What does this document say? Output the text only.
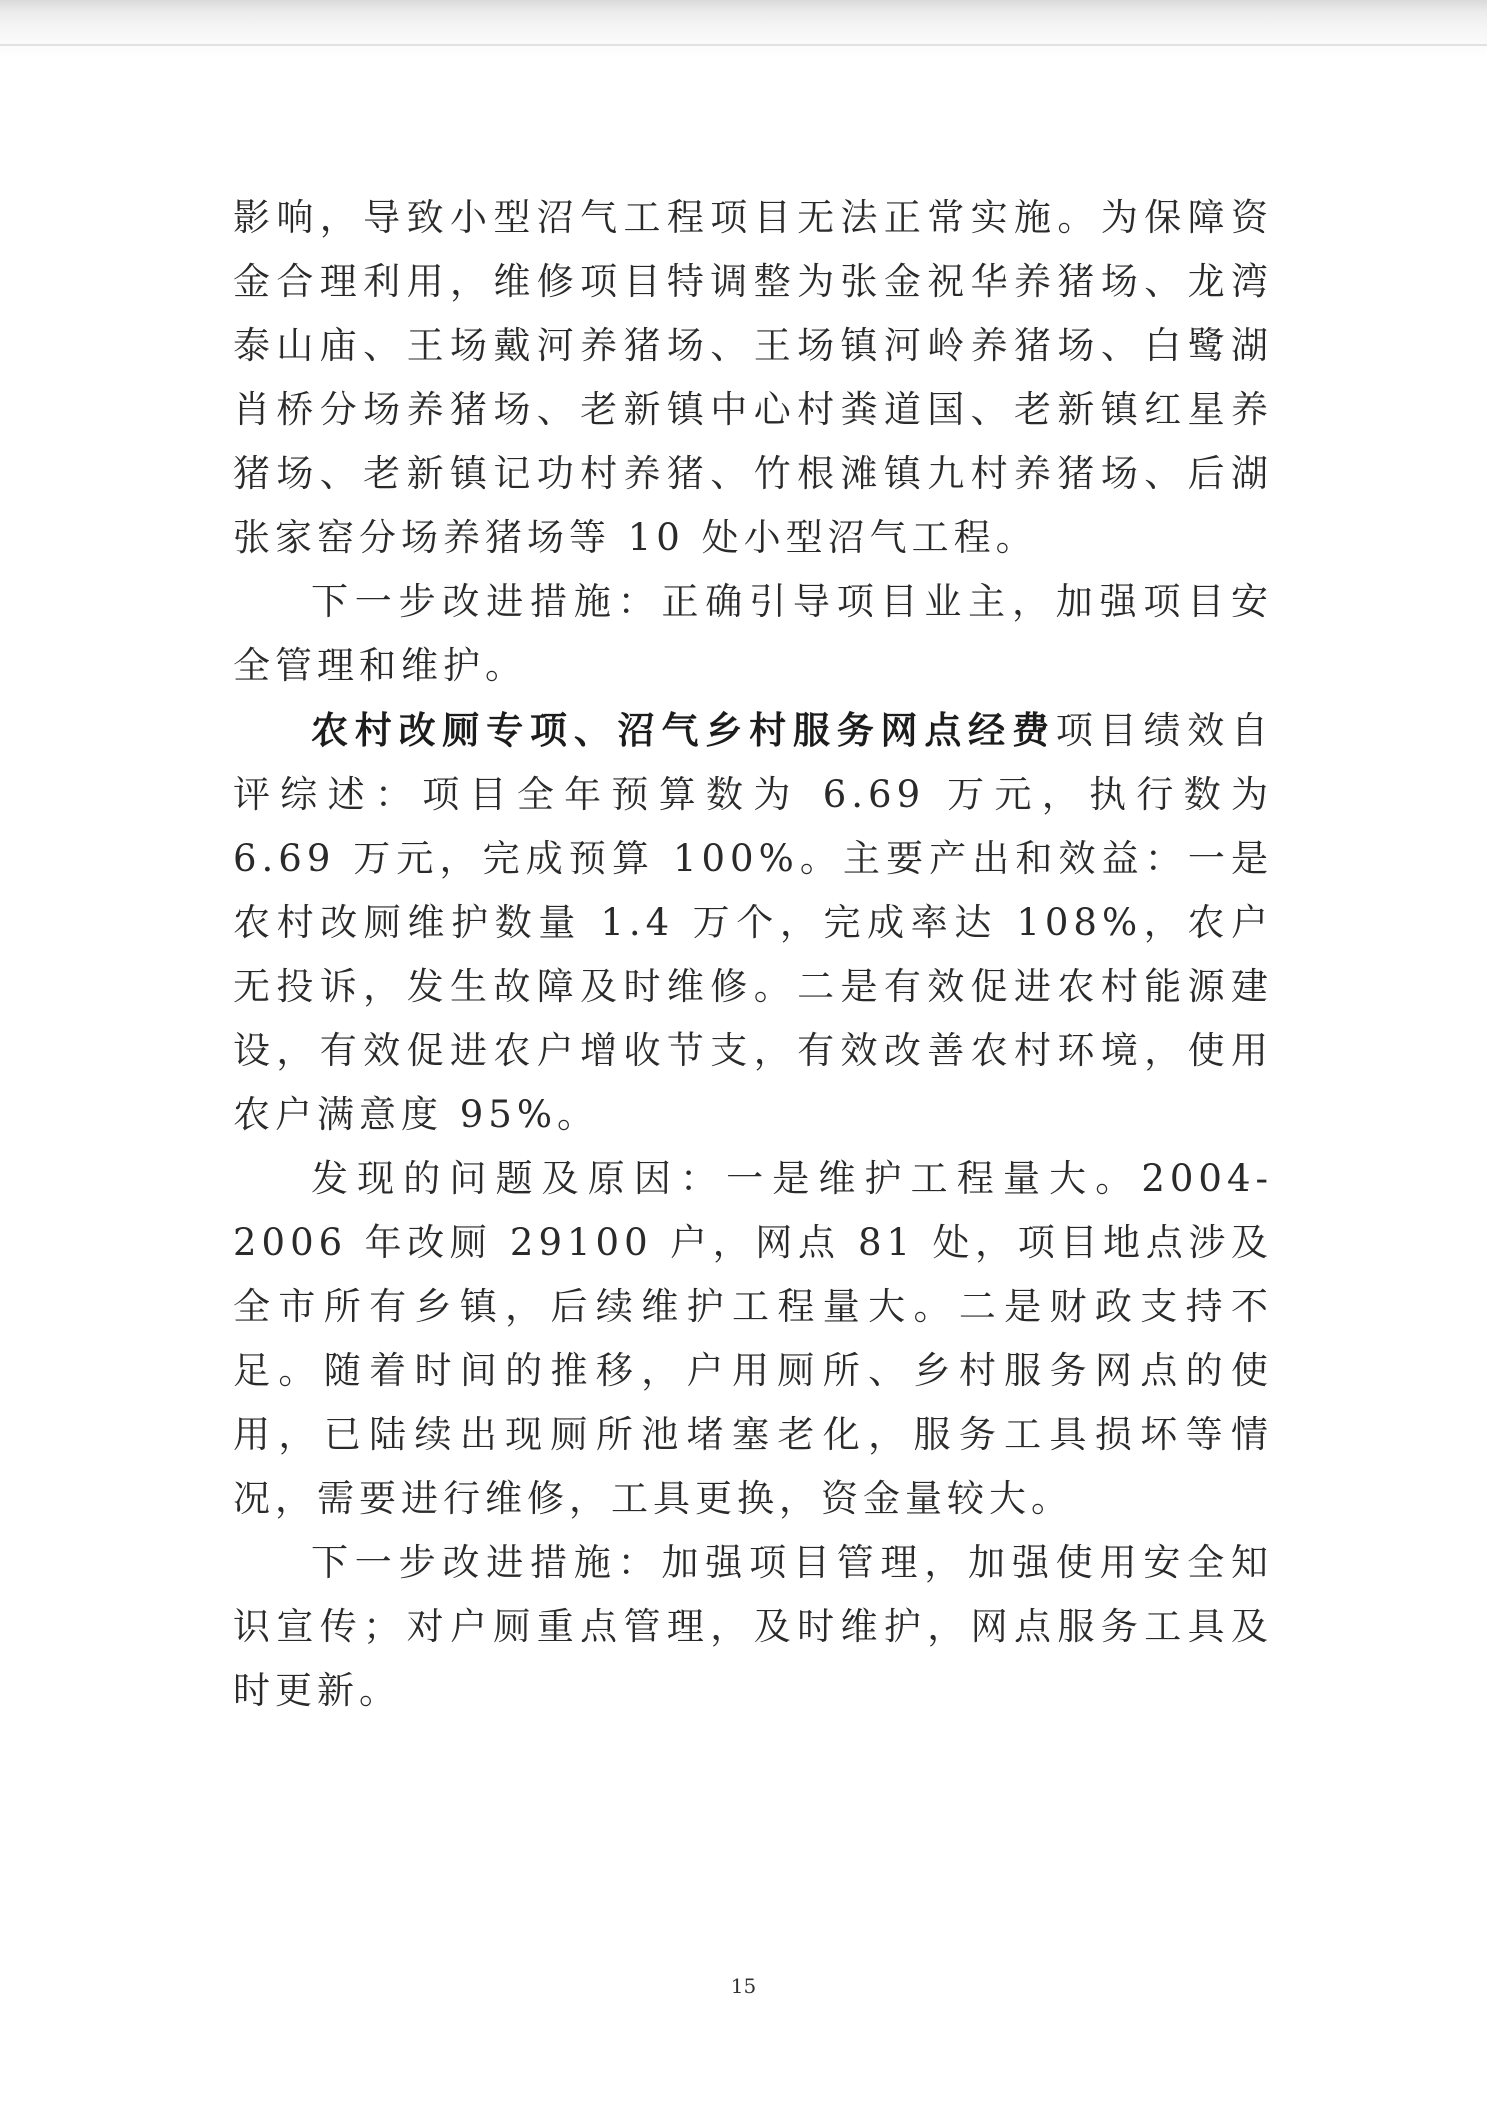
影响，导致小型沼气工程项目无法正常实施。为保障资金合理利用，维修项目特调整为张金祝华养猪场、龙湾泰山庙、王场戴河养猪场、王场镇河岭养猪场、白鹭湖肖桥分场养猪场、老新镇中心村粪道国、老新镇红星养猪场、老新镇记功村养猪、竹根滩镇九村养猪场、后湖张家窑分场养猪场等 10 处小型沼气工程。

下一步改进措施：正确引导项目业主，加强项目安全管理和维护。

农村改厕专项、沼气乡村服务网点经费项目绩效自评综述：项目全年预算数为 6.69 万元，执行数为 6.69 万元，完成预算 100%。主要产出和效益：一是农村改厕维护数量 1.4 万个，完成率达 108%，农户无投诉，发生故障及时维修。二是有效促进农村能源建设，有效促进农户增收节支，有效改善农村环境，使用农户满意度 95%。

发现的问题及原因：一是维护工程量大。2004-2006 年改厕 29100 户，网点 81 处，项目地点涉及全市所有乡镇，后续维护工程量大。二是财政支持不足。随着时间的推移，户用厕所、乡村服务网点的使用，已陆续出现厕所池堵塞老化，服务工具损坏等情况，需要进行维修，工具更换，资金量较大。

下一步改进措施：加强项目管理，加强使用安全知识宣传；对户厕重点管理，及时维护，网点服务工具及时更新。

15
